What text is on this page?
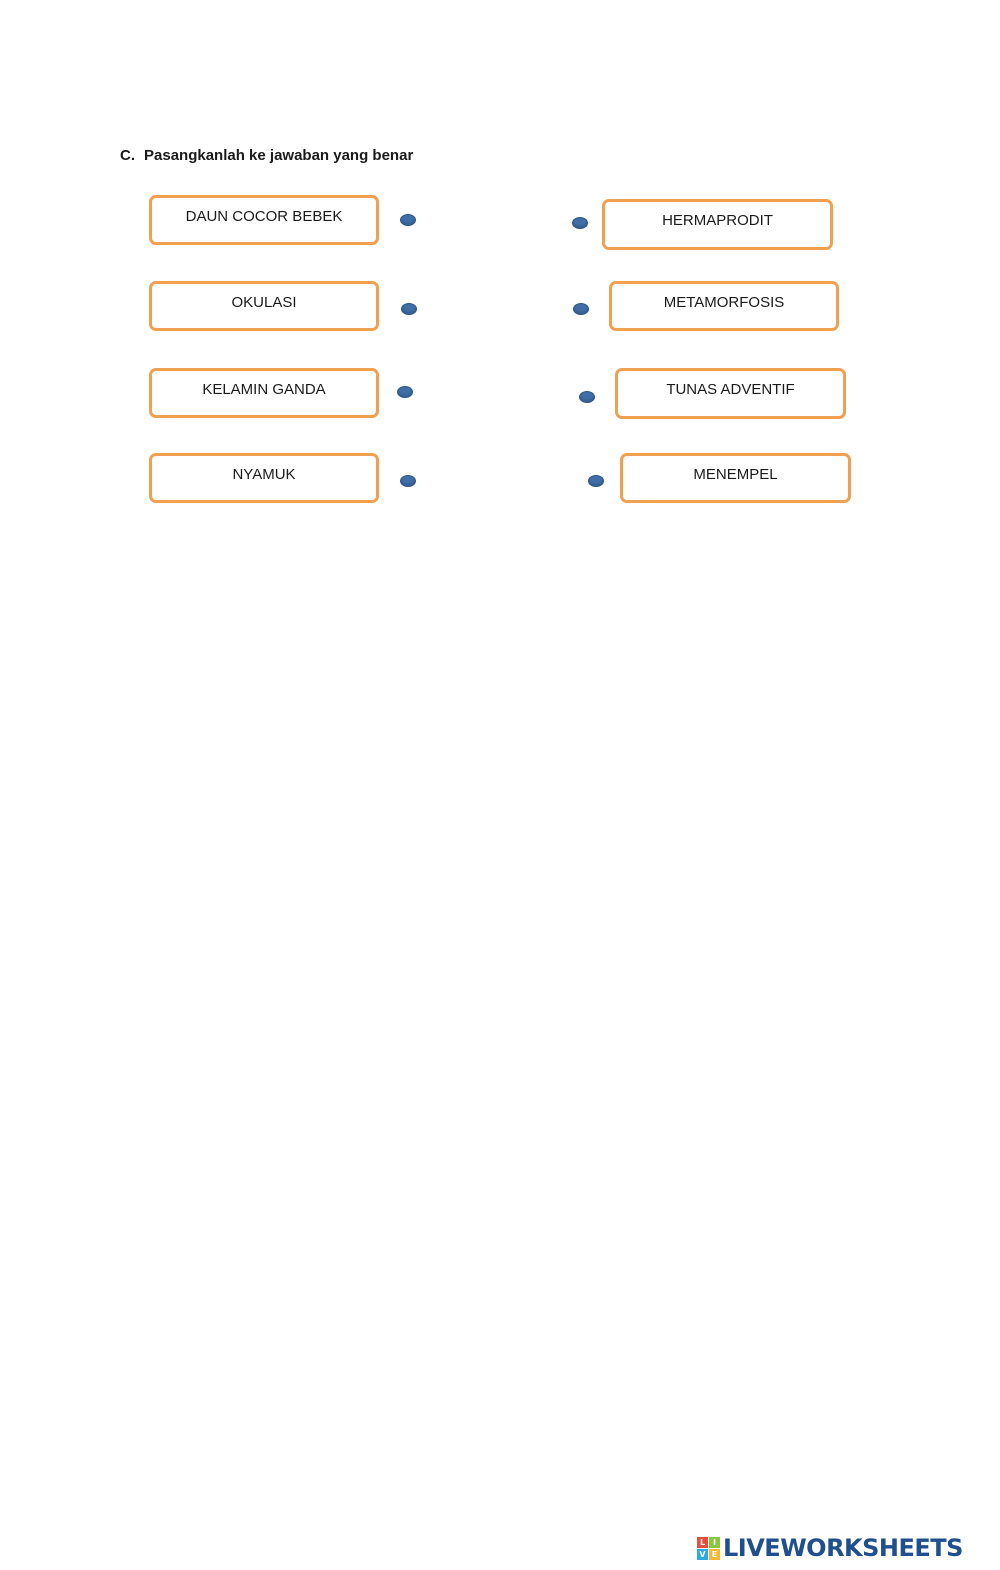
C. Pasangkanlah ke jawaban yang benar
DAUN COCOR BEBEK
OKULASI
KELAMIN GANDA
NYAMUK
HERMAPRODIT
METAMORFOSIS
TUNAS ADVENTIF
MENEMPEL
L I
V E LIVEWORKSHEETS
